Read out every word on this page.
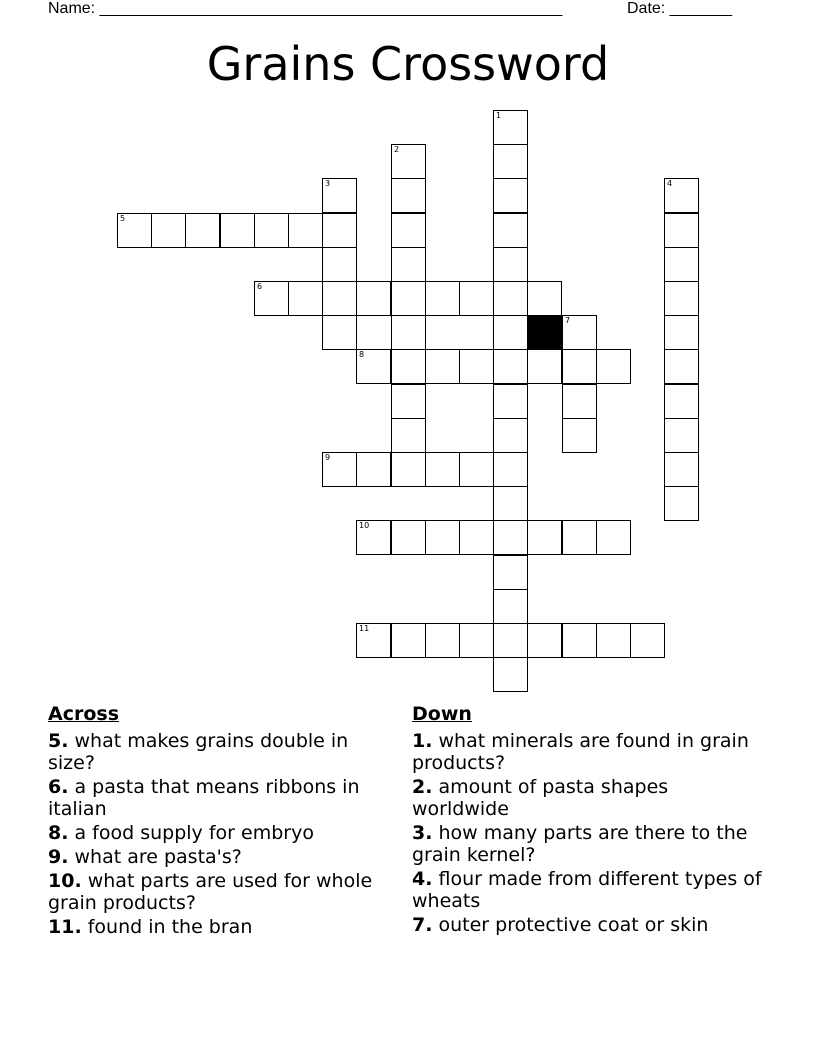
Name: ____________________________________________________	Date: _______
Grains Crossword
1
2
3	4
5
6
7
8
9
10
11
Across
5. what makes grains double in size?
6. a pasta that means ribbons in italian
8. a food supply for embryo
9. what are pasta's?
10. what parts are used for whole grain products?
11. found in the bran
Down
1. what minerals are found in grain products?
2. amount of pasta shapes worldwide
3. how many parts are there to the grain kernel?
4. flour made from different types of wheats
7. outer protective coat or skin
